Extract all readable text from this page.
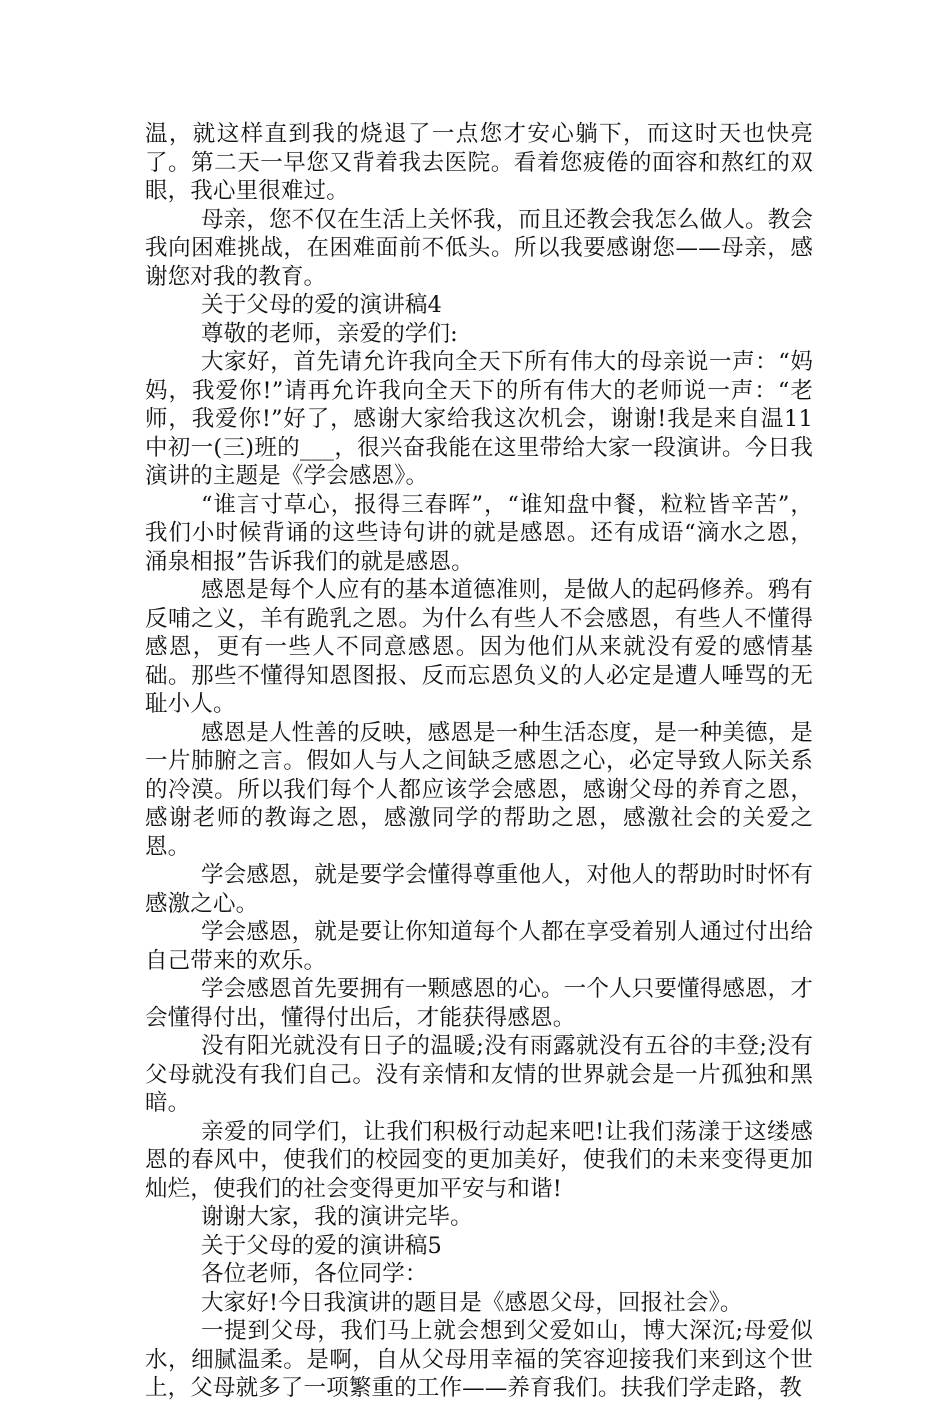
温，就这样直到我的烧退了一点您才安心躺下，而这时天也快亮了。第二天一早您又背着我去医院。看着您疲倦的面容和熬红的双眼，我心里很难过。

母亲，您不仅在生活上关怀我，而且还教会我怎么做人。教会我向困难挑战，在困难面前不低头。所以我要感谢您——母亲，感谢您对我的教育。

关于父母的爱的演讲稿4

尊敬的老师，亲爱的学们:

大家好，首先请允许我向全天下所有伟大的母亲说一声：“妈妈，我爱你!”请再允许我向全天下的所有伟大的老师说一声：“老师，我爱你!”好了，感谢大家给我这次机会，谢谢!我是来自温11中初一(三)班的___，很兴奋我能在这里带给大家一段演讲。今日我演讲的主题是《学会感恩》。

“谁言寸草心，报得三春晖”，“谁知盘中餐，粒粒皆辛苦”，我们小时候背诵的这些诗句讲的就是感恩。还有成语“滴水之恩，涌泉相报”告诉我们的就是感恩。

感恩是每个人应有的基本道德准则，是做人的起码修养。鸦有反哺之义，羊有跪乳之恩。为什么有些人不会感恩，有些人不懂得感恩，更有一些人不同意感恩。因为他们从来就没有爱的感情基础。那些不懂得知恩图报、反而忘恩负义的人必定是遭人唾骂的无耻小人。

感恩是人性善的反映，感恩是一种生活态度，是一种美德，是一片肺腑之言。假如人与人之间缺乏感恩之心，必定导致人际关系的冷漠。所以我们每个人都应该学会感恩，感谢父母的养育之恩，感谢老师的教诲之恩，感激同学的帮助之恩，感激社会的关爱之恩。

学会感恩，就是要学会懂得尊重他人，对他人的帮助时时怀有感激之心。

学会感恩，就是要让你知道每个人都在享受着别人通过付出给自己带来的欢乐。

学会感恩首先要拥有一颗感恩的心。一个人只要懂得感恩，才会懂得付出，懂得付出后，才能获得感恩。

没有阳光就没有日子的温暖;没有雨露就没有五谷的丰登;没有父母就没有我们自己。没有亲情和友情的世界就会是一片孤独和黑暗。

亲爱的同学们，让我们积极行动起来吧!让我们荡漾于这缕感恩的春风中，使我们的校园变的更加美好，使我们的未来变得更加灿烂，使我们的社会变得更加平安与和谐!

谢谢大家，我的演讲完毕。

关于父母的爱的演讲稿5

各位老师，各位同学：

大家好!今日我演讲的题目是《感恩父母，回报社会》。

一提到父母，我们马上就会想到父爱如山，博大深沉;母爱似水，细腻温柔。是啊，自从父母用幸福的笑容迎接我们来到这个世上，父母就多了一项繁重的工作——养育我们。扶我们学走路，教
